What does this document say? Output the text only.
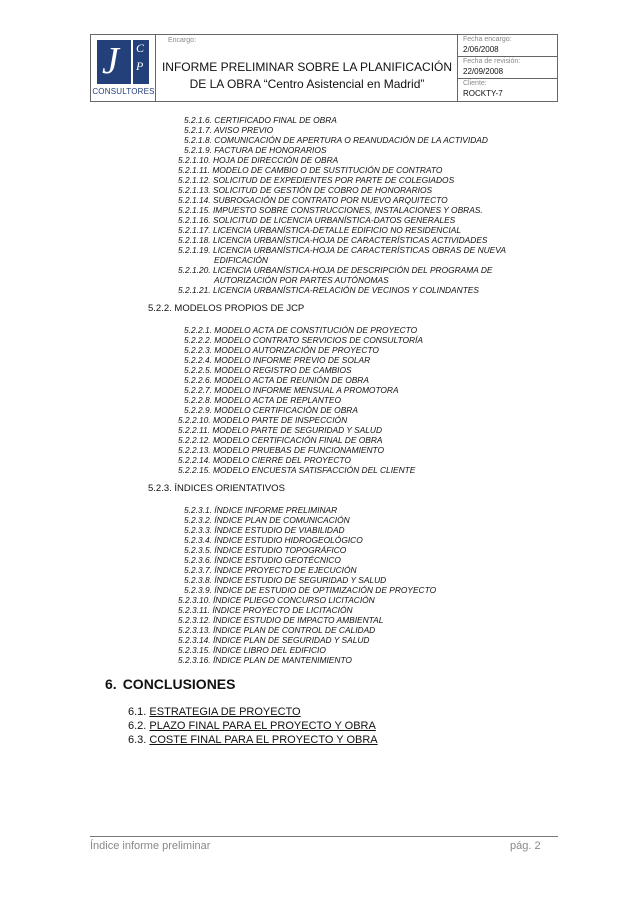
J C
P
CONSULTORES
Encargo:
INFORME PRELIMINAR SOBRE LA PLANIFICACIÓN
DE LA OBRA “Centro Asistencial en Madrid”
Fecha encargo:
2/06/2008
Fecha de revisión:
22/09/2008
Cliente:
ROCKTY-7
5.2.1.6. CERTIFICADO FINAL DE OBRA
5.2.1.7. AVISO PREVIO
5.2.1.8. COMUNICACIÓN DE APERTURA O REANUDACIÓN DE LA ACTIVIDAD
5.2.1.9. FACTURA DE HONORARIOS
5.2.1.10. HOJA DE DIRECCIÓN DE OBRA
5.2.1.11. MODELO DE CAMBIO O DE SUSTITUCIÓN DE CONTRATO
5.2.1.12. SOLICITUD DE EXPEDIENTES POR PARTE DE COLEGIADOS
5.2.1.13. SOLICITUD DE GESTIÓN DE COBRO DE HONORARIOS
5.2.1.14. SUBROGACIÓN DE CONTRATO POR NUEVO ARQUITECTO
5.2.1.15. IMPUESTO SOBRE CONSTRUCCIONES, INSTALACIONES Y OBRAS.
5.2.1.16. SOLICITUD DE LICENCIA URBANÍSTICA-DATOS GENERALES
5.2.1.17. LICENCIA URBANÍSTICA-DETALLE EDIFICIO NO RESIDENCIAL
5.2.1.18. LICENCIA URBANÍSTICA-HOJA DE CARACTERÍSTICAS ACTIVIDADES
5.2.1.19. LICENCIA URBANÍSTICA-HOJA DE CARACTERÍSTICAS OBRAS DE NUEVA
EDIFICACIÓN
5.2.1.20. LICENCIA URBANÍSTICA-HOJA DE DESCRIPCIÓN DEL PROGRAMA DE
AUTORIZACIÓN POR PARTES AUTÓNOMAS
5.2.1.21. LICENCIA URBANÍSTICA-RELACIÓN DE VECINOS Y COLINDANTES
5.2.2. MODELOS PROPIOS DE JCP
5.2.2.1. MODELO ACTA DE CONSTITUCIÓN DE PROYECTO
5.2.2.2. MODELO CONTRATO SERVICIOS DE CONSULTORÍA
5.2.2.3. MODELO AUTORIZACIÓN DE PROYECTO
5.2.2.4. MODELO INFORME PREVIO DE SOLAR
5.2.2.5. MODELO REGISTRO DE CAMBIOS
5.2.2.6. MODELO ACTA DE REUNIÓN DE OBRA
5.2.2.7. MODELO INFORME MENSUAL A PROMOTORA
5.2.2.8. MODELO ACTA DE REPLANTEO
5.2.2.9. MODELO CERTIFICACIÓN DE OBRA
5.2.2.10. MODELO PARTE DE INSPECCIÓN
5.2.2.11. MODELO PARTE DE SEGURIDAD Y SALUD
5.2.2.12. MODELO CERTIFICACIÓN FINAL DE OBRA
5.2.2.13. MODELO PRUEBAS DE FUNCIONAMIENTO
5.2.2.14. MODELO CIERRE DEL PROYECTO
5.2.2.15. MODELO ENCUESTA SATISFACCIÓN DEL CLIENTE
5.2.3. ÍNDICES ORIENTATIVOS
5.2.3.1. ÍNDICE INFORME PRELIMINAR
5.2.3.2. ÍNDICE PLAN DE COMUNICACIÓN
5.2.3.3. ÍNDICE ESTUDIO DE VIABILIDAD
5.2.3.4. ÍNDICE ESTUDIO HIDROGEOLÓGICO
5.2.3.5. ÍNDICE ESTUDIO TOPOGRÁFICO
5.2.3.6. ÍNDICE ESTUDIO GEOTÉCNICO
5.2.3.7. ÍNDICE PROYECTO DE EJECUCIÓN
5.2.3.8. ÍNDICE ESTUDIO DE SEGURIDAD Y SALUD
5.2.3.9. ÍNDICE DE ESTUDIO DE OPTIMIZACIÓN DE PROYECTO
5.2.3.10. ÍNDICE PLIEGO CONCURSO LICITACIÓN
5.2.3.11. ÍNDICE PROYECTO DE LICITACIÓN
5.2.3.12. ÍNDICE ESTUDIO DE IMPACTO AMBIENTAL
5.2.3.13. ÍNDICE PLAN DE CONTROL DE CALIDAD
5.2.3.14. ÍNDICE PLAN DE SEGURIDAD Y SALUD
5.2.3.15. ÍNDICE LIBRO DEL EDIFICIO
5.2.3.16. ÍNDICE PLAN DE MANTENIMIENTO
6. CONCLUSIONES
6.1. ESTRATEGIA DE PROYECTO
6.2. PLAZO FINAL PARA EL PROYECTO Y OBRA
6.3. COSTE FINAL PARA EL PROYECTO Y OBRA
Índice informe preliminar	pág. 2
